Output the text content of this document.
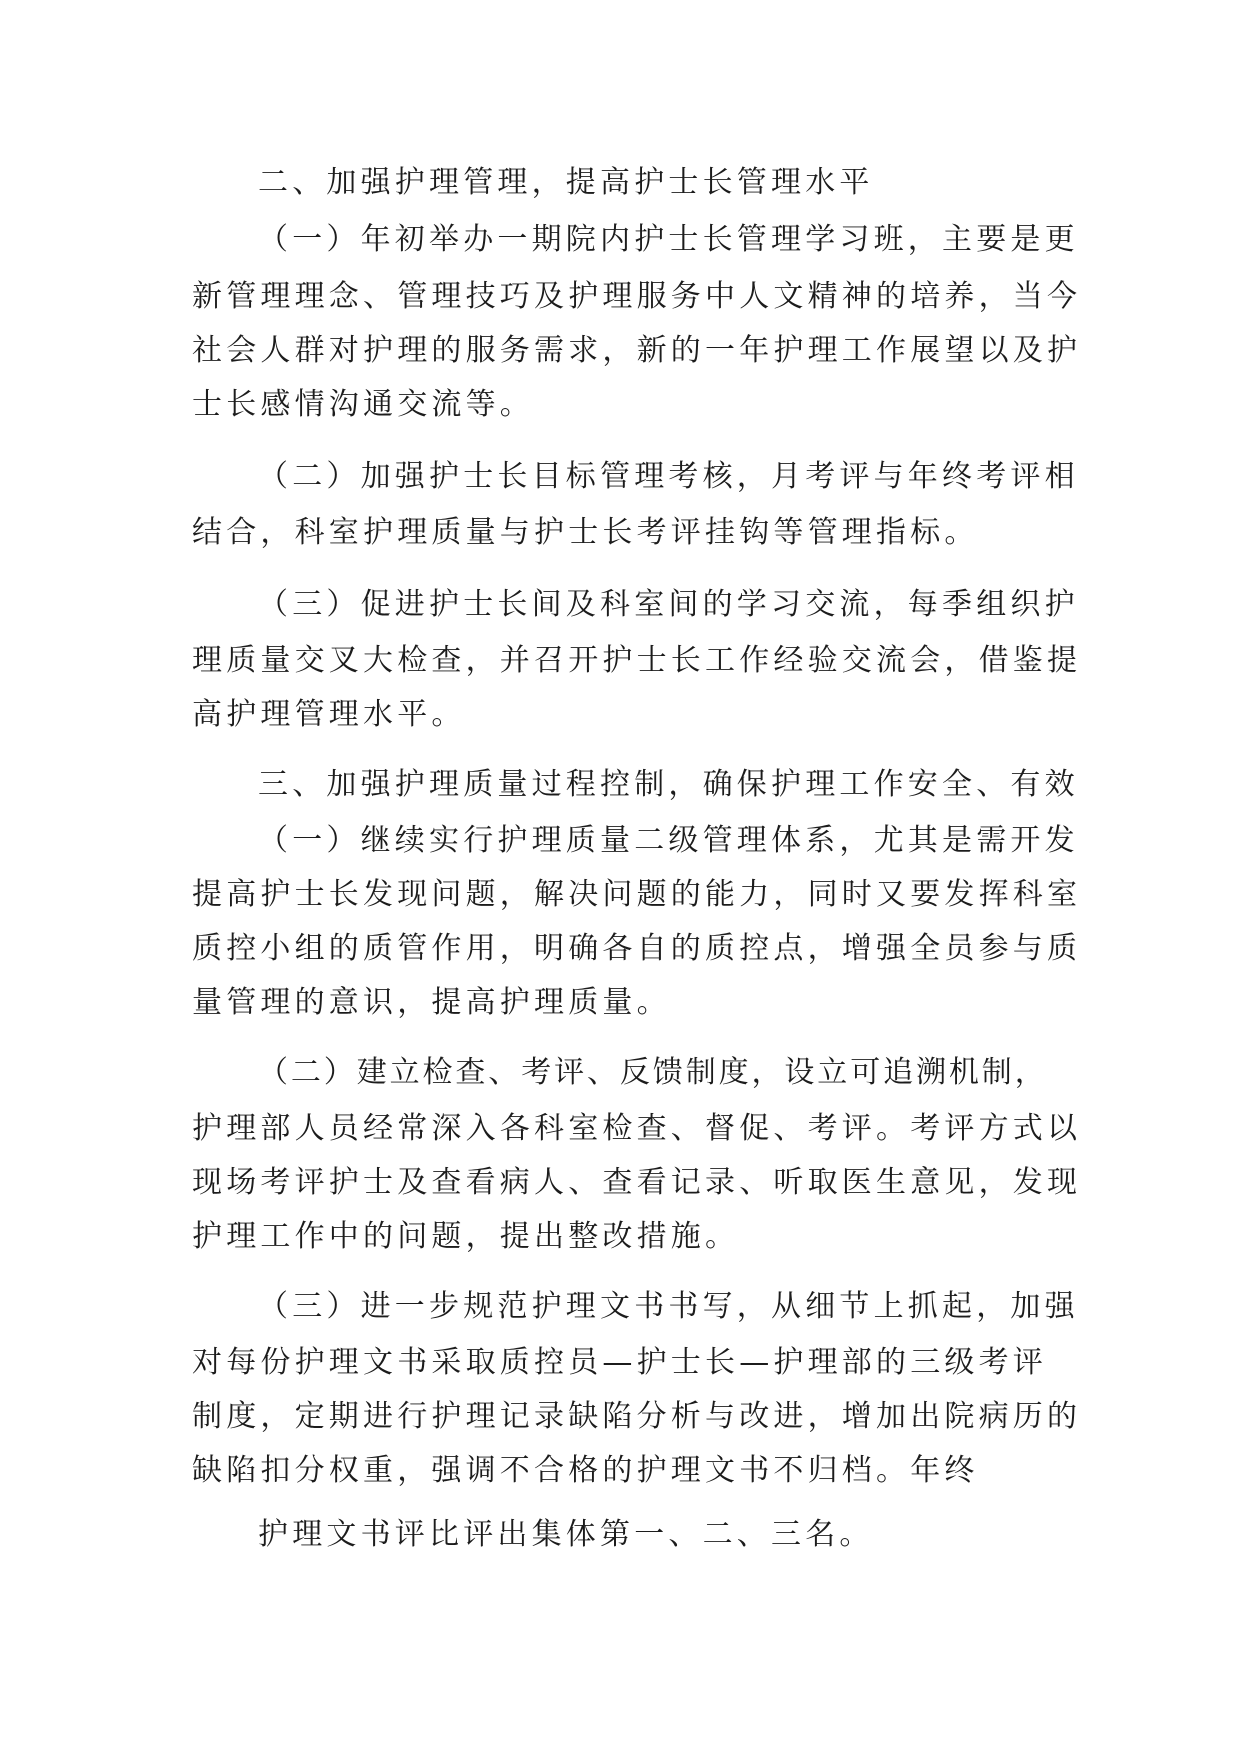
二、加强护理管理，提高护士长管理水平
（一）年初举办一期院内护士长管理学习班，主要是更
新管理理念、管理技巧及护理服务中人文精神的培养，当今
社会人群对护理的服务需求，新的一年护理工作展望以及护
士长感情沟通交流等。
（二）加强护士长目标管理考核，月考评与年终考评相
结合，科室护理质量与护士长考评挂钩等管理指标。
（三）促进护士长间及科室间的学习交流，每季组织护
理质量交叉大检查，并召开护士长工作经验交流会，借鉴提
高护理管理水平。
三、加强护理质量过程控制，确保护理工作安全、有效
（一）继续实行护理质量二级管理体系，尤其是需开发
提高护士长发现问题，解决问题的能力，同时又要发挥科室
质控小组的质管作用，明确各自的质控点，增强全员参与质
量管理的意识，提高护理质量。
（二）建立检查、考评、反馈制度，设立可追溯机制，
护理部人员经常深入各科室检查、督促、考评。考评方式以
现场考评护士及查看病人、查看记录、听取医生意见，发现
护理工作中的问题，提出整改措施。
（三）进一步规范护理文书书写，从细节上抓起，加强
对每份护理文书采取质控员—护士长—护理部的三级考评
制度，定期进行护理记录缺陷分析与改进，增加出院病历的
缺陷扣分权重，强调不合格的护理文书不归档。年终
护理文书评比评出集体第一、二、三名。
